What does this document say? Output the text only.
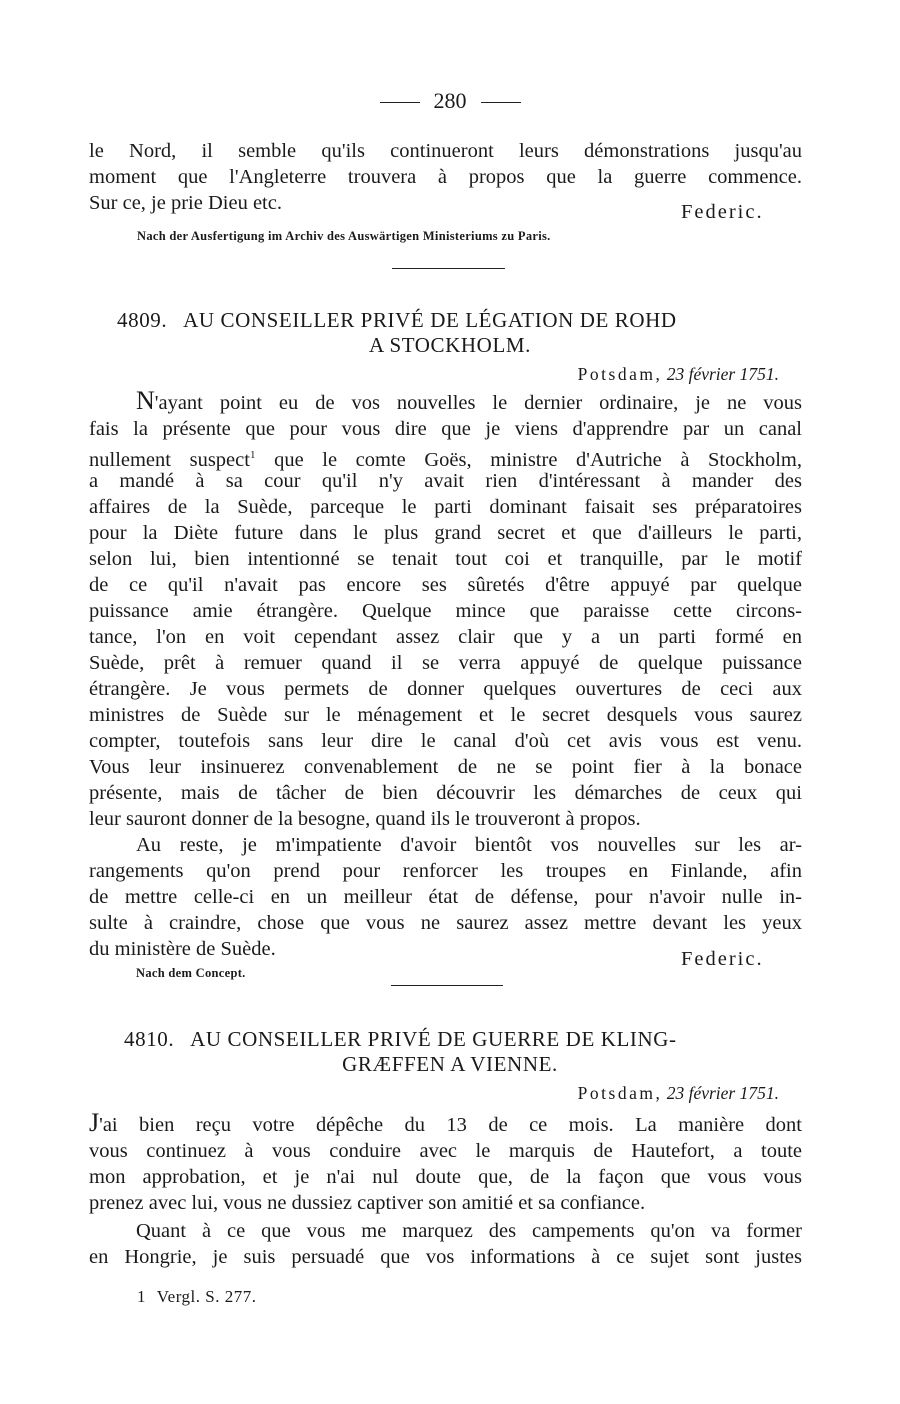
280
le Nord, il semble qu'ils continueront leurs démonstrations jusqu'au
moment que l'Angleterre trouvera à propos que la guerre commence.
Sur ce, je prie Dieu etc.	Federic.
Nach der Ausfertigung im Archiv des Auswärtigen Ministeriums zu Paris.
4809. AU CONSEILLER PRIVÉ DE LÉGATION DE ROHD
A STOCKHOLM.
Potsdam, 23 février 1751.
N'ayant point eu de vos nouvelles le dernier ordinaire, je ne vous
fais la présente que pour vous dire que je viens d'apprendre par un canal
nullement suspect$^1$ que le comte Goës, ministre d'Autriche à Stockholm,
a mandé à sa cour qu'il n'y avait rien d'intéressant à mander des
affaires de la Suède, parceque le parti dominant faisait ses préparatoires
pour la Diète future dans le plus grand secret et que d'ailleurs le parti,
selon lui, bien intentionné se tenait tout coi et tranquille, par le motif
de ce qu'il n'avait pas encore ses sûretés d'être appuyé par quelque
puissance amie étrangère. Quelque mince que paraisse cette circons-
tance, l'on en voit cependant assez clair que y a un parti formé en
Suède, prêt à remuer quand il se verra appuyé de quelque puissance
étrangère. Je vous permets de donner quelques ouvertures de ceci aux
ministres de Suède sur le ménagement et le secret desquels vous saurez
compter, toutefois sans leur dire le canal d'où cet avis vous est venu.
Vous leur insinuerez convenablement de ne se point fier à la bonace
présente, mais de tâcher de bien découvrir les démarches de ceux qui
leur sauront donner de la besogne, quand ils le trouveront à propos.
Au reste, je m'impatiente d'avoir bientôt vos nouvelles sur les ar-
rangements qu'on prend pour renforcer les troupes en Finlande, afin
de mettre celle-ci en un meilleur état de défense, pour n'avoir nulle in-
sulte à craindre, chose que vous ne saurez assez mettre devant les yeux
du ministère de Suède.	Federic.
Nach dem Concept.
4810. AU CONSEILLER PRIVÉ DE GUERRE DE KLING-
GRÆFFEN A VIENNE.
Potsdam, 23 février 1751.
J'ai bien reçu votre dépêche du 13 de ce mois. La manière dont
vous continuez à vous conduire avec le marquis de Hautefort, a toute
mon approbation, et je n'ai nul doute que, de la façon que vous vous
prenez avec lui, vous ne dussiez captiver son amitié et sa confiance.
Quant à ce que vous me marquez des campements qu'on va former
en Hongrie, je suis persuadé que vos informations à ce sujet sont justes
1 Vergl. S. 277.
